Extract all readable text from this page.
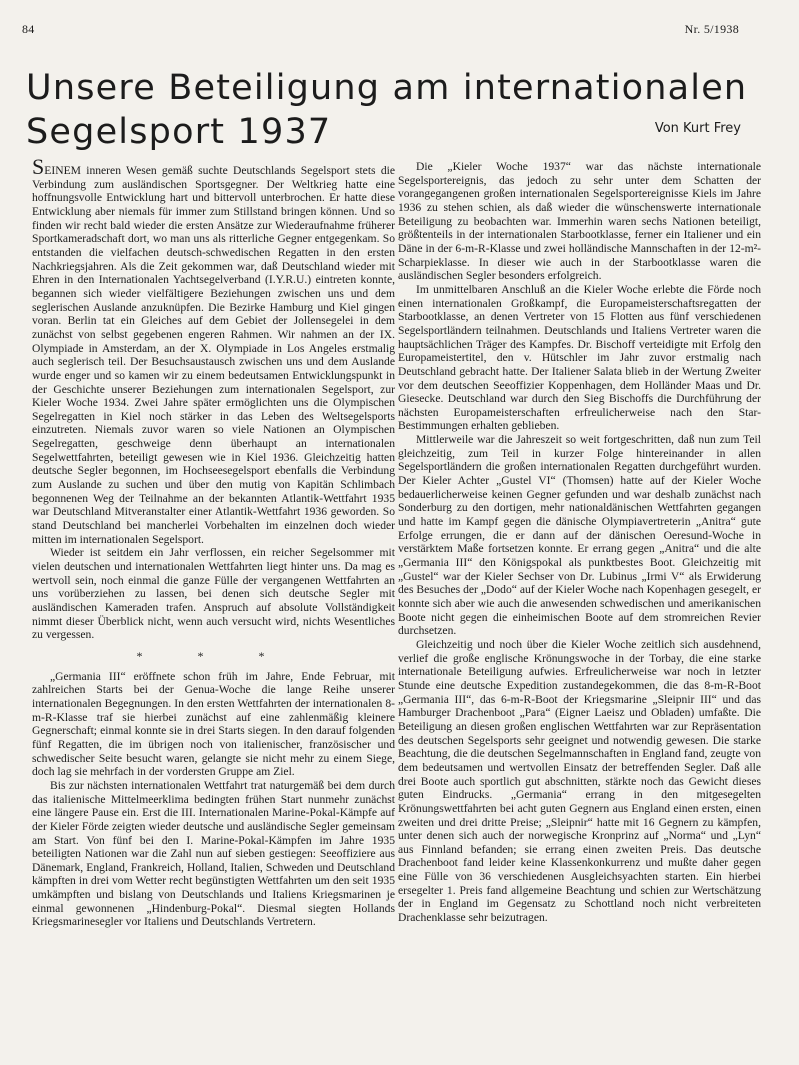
84	Nr. 5/1938
Unsere Beteiligung am internationalen
Segelsport 1937	Von Kurt Frey

SEINEM inneren Wesen gemäß suchte Deutschlands Segelsport stets die Verbindung zum ausländischen Sportsgegner. Der Weltkrieg hatte eine hoffnungsvolle Entwicklung hart und bittervoll unterbrochen. Er hatte diese Entwicklung aber niemals für immer zum Stillstand bringen können. Und so finden wir recht bald wieder die ersten Ansätze zur Wiederaufnahme früherer Sportkameradschaft dort, wo man uns als ritterliche Gegner entgegenkam. So entstanden die vielfachen deutsch-schwedischen Regatten in den ersten Nachkriegsjahren. Als die Zeit gekommen war, daß Deutschland wieder mit Ehren in den Internationalen Yachtsegelverband (I.Y.R.U.) eintreten konnte, begannen sich wieder vielfältigere Beziehungen zwischen uns und dem seglerischen Auslande anzuknüpfen. Die Bezirke Hamburg und Kiel gingen voran. Berlin tat ein Gleiches auf dem Gebiet der Jollensegelei in dem zunächst von selbst gegebenen engeren Rahmen. Wir nahmen an der IX. Olympiade in Amsterdam, an der X. Olympiade in Los Angeles erstmalig auch seglerisch teil. Der Besuchsaustausch zwischen uns und dem Auslande wurde enger und so kamen wir zu einem bedeutsamen Entwicklungspunkt in der Geschichte unserer Beziehungen zum internationalen Segelsport, zur Kieler Woche 1934. Zwei Jahre später ermöglichten uns die Olympischen Segelregatten in Kiel noch stärker in das Leben des Weltsegelsports einzutreten. Niemals zuvor waren so viele Nationen an Olympischen Segelregatten, geschweige denn überhaupt an internationalen Segelwettfahrten, beteiligt gewesen wie in Kiel 1936. Gleichzeitig hatten deutsche Segler begonnen, im Hochseesegelsport ebenfalls die Verbindung zum Auslande zu suchen und über den mutig von Kapitän Schlimbach begonnenen Weg der Teilnahme an der bekannten Atlantik-Wettfahrt 1935 war Deutschland Mitveranstalter einer Atlantik-Wettfahrt 1936 geworden. So stand Deutschland bei mancherlei Vorbehalten im einzelnen doch wieder mitten im internationalen Segelsport.

Wieder ist seitdem ein Jahr verflossen, ein reicher Segelsommer mit vielen deutschen und internationalen Wettfahrten liegt hinter uns. Da mag es wertvoll sein, noch einmal die ganze Fülle der vergangenen Wettfahrten an uns vorüberziehen zu lassen, bei denen sich deutsche Segler mit ausländischen Kameraden trafen. Anspruch auf absolute Vollständigkeit nimmt dieser Überblick nicht, wenn auch versucht wird, nichts Wesentliches zu vergessen.

* * *

„Germania III“ eröffnete schon früh im Jahre, Ende Februar, mit zahlreichen Starts bei der Genua-Woche die lange Reihe unserer internationalen Begegnungen. In den ersten Wettfahrten der internationalen 8-m-R-Klasse traf sie hierbei zunächst auf eine zahlenmäßig kleinere Gegnerschaft; einmal konnte sie in drei Starts siegen. In den darauf folgenden fünf Regatten, die im übrigen noch von italienischer, französischer und schwedischer Seite besucht waren, gelangte sie nicht mehr zu einem Siege, doch lag sie mehrfach in der vordersten Gruppe am Ziel.

Bis zur nächsten internationalen Wettfahrt trat naturgemäß bei dem durch das italienische Mittelmeerklima bedingten frühen Start nunmehr zunächst eine längere Pause ein. Erst die III. Internationalen Marine-Pokal-Kämpfe auf der Kieler Förde zeigten wieder deutsche und ausländische Segler gemeinsam am Start. Von fünf bei den I. Marine-Pokal-Kämpfen im Jahre 1935 beteiligten Nationen war die Zahl nun auf sieben gestiegen: Seeoffiziere aus Dänemark, England, Frankreich, Holland, Italien, Schweden und Deutschland kämpften in drei vom Wetter recht begünstigten Wettfahrten um den seit 1935 umkämpften und bislang von Deutschlands und Italiens Kriegsmarinen je einmal gewonnenen „Hindenburg-Pokal“. Diesmal siegten Hollands Kriegsmarinesegler vor Italiens und Deutschlands Vertretern.

Die „Kieler Woche 1937“ war das nächste internationale Segelsportereignis, das jedoch zu sehr unter dem Schatten der vorangegangenen großen internationalen Segelsportereignisse Kiels im Jahre 1936 zu stehen schien, als daß wieder die wünschenswerte internationale Beteiligung zu beobachten war. Immerhin waren sechs Nationen beteiligt, größtenteils in der internationalen Starbootklasse, ferner ein Italiener und ein Däne in der 6-m-R-Klasse und zwei holländische Mannschaften in der 12-m²-Scharpieklasse. In dieser wie auch in der Starbootklasse waren die ausländischen Segler besonders erfolgreich.

Im unmittelbaren Anschluß an die Kieler Woche erlebte die Förde noch einen internationalen Großkampf, die Europameisterschaftsregatten der Starbootklasse, an denen Vertreter von 15 Flotten aus fünf verschiedenen Segelsportländern teilnahmen. Deutschlands und Italiens Vertreter waren die hauptsächlichen Träger des Kampfes. Dr. Bischoff verteidigte mit Erfolg den Europameistertitel, den v. Hütschler im Jahr zuvor erstmalig nach Deutschland gebracht hatte. Der Italiener Salata blieb in der Wertung Zweiter vor dem deutschen Seeoffizier Koppenhagen, dem Holländer Maas und Dr. Giesecke. Deutschland war durch den Sieg Bischoffs die Durchführung der nächsten Europameisterschaften erfreulicherweise nach den Star-Bestimmungen erhalten geblieben.

Mittlerweile war die Jahreszeit so weit fortgeschritten, daß nun zum Teil gleichzeitig, zum Teil in kurzer Folge hintereinander in allen Segelsportländern die großen internationalen Regatten durchgeführt wurden. Der Kieler Achter „Gustel VI“ (Thomsen) hatte auf der Kieler Woche bedauerlicherweise keinen Gegner gefunden und war deshalb zunächst nach Sonderburg zu den dortigen, mehr nationaldänischen Wettfahrten gegangen und hatte im Kampf gegen die dänische Olympiavertreterin „Anitra“ gute Erfolge errungen, die er dann auf der dänischen Oeresund-Woche in verstärktem Maße fortsetzen konnte. Er errang gegen „Anitra“ und die alte „Germania III“ den Königspokal als punktbestes Boot. Gleichzeitig mit „Gustel“ war der Kieler Sechser von Dr. Lubinus „Irmi V“ als Erwiderung des Besuches der „Dodo“ auf der Kieler Woche nach Kopenhagen gesegelt, er konnte sich aber wie auch die anwesenden schwedischen und amerikanischen Boote nicht gegen die einheimischen Boote auf dem stromreichen Revier durchsetzen.

Gleichzeitig und noch über die Kieler Woche zeitlich sich ausdehnend, verlief die große englische Krönungswoche in der Torbay, die eine starke internationale Beteiligung aufwies. Erfreulicherweise war noch in letzter Stunde eine deutsche Expedition zustandegekommen, die das 8-m-R-Boot „Germania III“, das 6-m-R-Boot der Kriegsmarine „Sleipnir III“ und das Hamburger Drachenboot „Para“ (Eigner Laeisz und Obladen) umfaßte. Die Beteiligung an diesen großen englischen Wettfahrten war zur Repräsentation des deutschen Segelsports sehr geeignet und notwendig gewesen. Die starke Beachtung, die die deutschen Segelmannschaften in England fand, zeugte von dem bedeutsamen und wertvollen Einsatz der betreffenden Segler. Daß alle drei Boote auch sportlich gut abschnitten, stärkte noch das Gewicht dieses guten Eindrucks. „Germania“ errang in den mitgesegelten Krönungswettfahrten bei acht guten Gegnern aus England einen ersten, einen zweiten und drei dritte Preise; „Sleipnir“ hatte mit 16 Gegnern zu kämpfen, unter denen sich auch der norwegische Kronprinz auf „Norma“ und „Lyn“ aus Finnland befanden; sie errang einen zweiten Preis. Das deutsche Drachenboot fand leider keine Klassenkonkurrenz und mußte daher gegen eine Fülle von 36 verschiedenen Ausgleichsyachten starten. Ein hierbei ersegelter 1. Preis fand allgemeine Beachtung und schien zur Wertschätzung der in England im Gegensatz zu Schottland noch nicht verbreiteten Drachenklasse sehr beizutragen.
